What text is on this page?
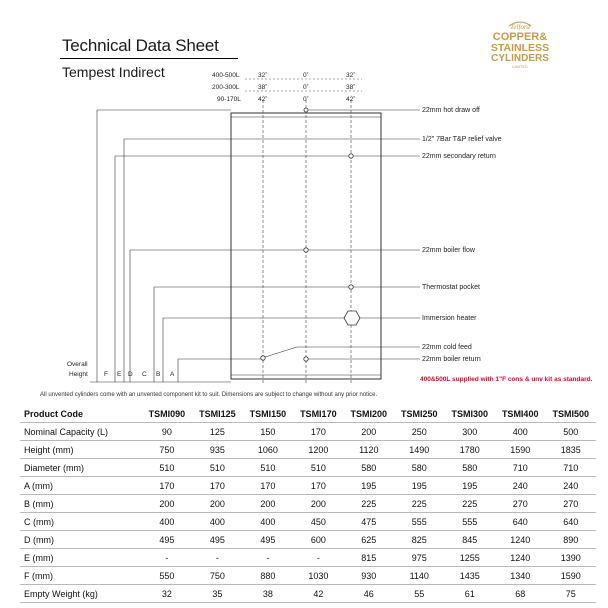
Technical Data Sheet
Tempest Indirect
Telford
COPPER&
STAINLESS
CYLINDERS
LIMITED
400-500L	32˚	0˚	32˚
200-300L	38˚	0˚	38˚
90-170L	42˚	0˚	42˚
22mm hot draw off
1/2" 7Bar T&P relief valve
22mm secondary return
22mm boiler flow
Thermostat pocket
Immersion heater
22mm cold feed
22mm boiler return
F E D C B A
Overall
Height
400&500L supplied with 1"F cons & unv kit as standard.
All unvented cylinders come with an unvented component kit to suit. Dimensions are subject to change without any prior notice.
Product Code	TSMI090	TSMI125	TSMI150	TSMI170	TSMI200	TSMI250	TSMI300	TSMI400	TSMI500
Nominal Capacity (L)	90	125	150	170	200	250	300	400	500
Height (mm)	750	935	1060	1200	1120	1490	1780	1590	1835
Diameter (mm)	510	510	510	510	580	580	580	710	710
A (mm)	170	170	170	170	195	195	195	240	240
B (mm)	200	200	200	200	225	225	225	270	270
C (mm)	400	400	400	450	475	555	555	640	640
D (mm)	495	495	495	600	625	825	845	1240	890
E (mm)	-	-	-	-	815	975	1255	1240	1390
F (mm)	550	750	880	1030	930	1140	1435	1340	1590
Empty Weight (kg)	32	35	38	42	46	55	61	68	75
